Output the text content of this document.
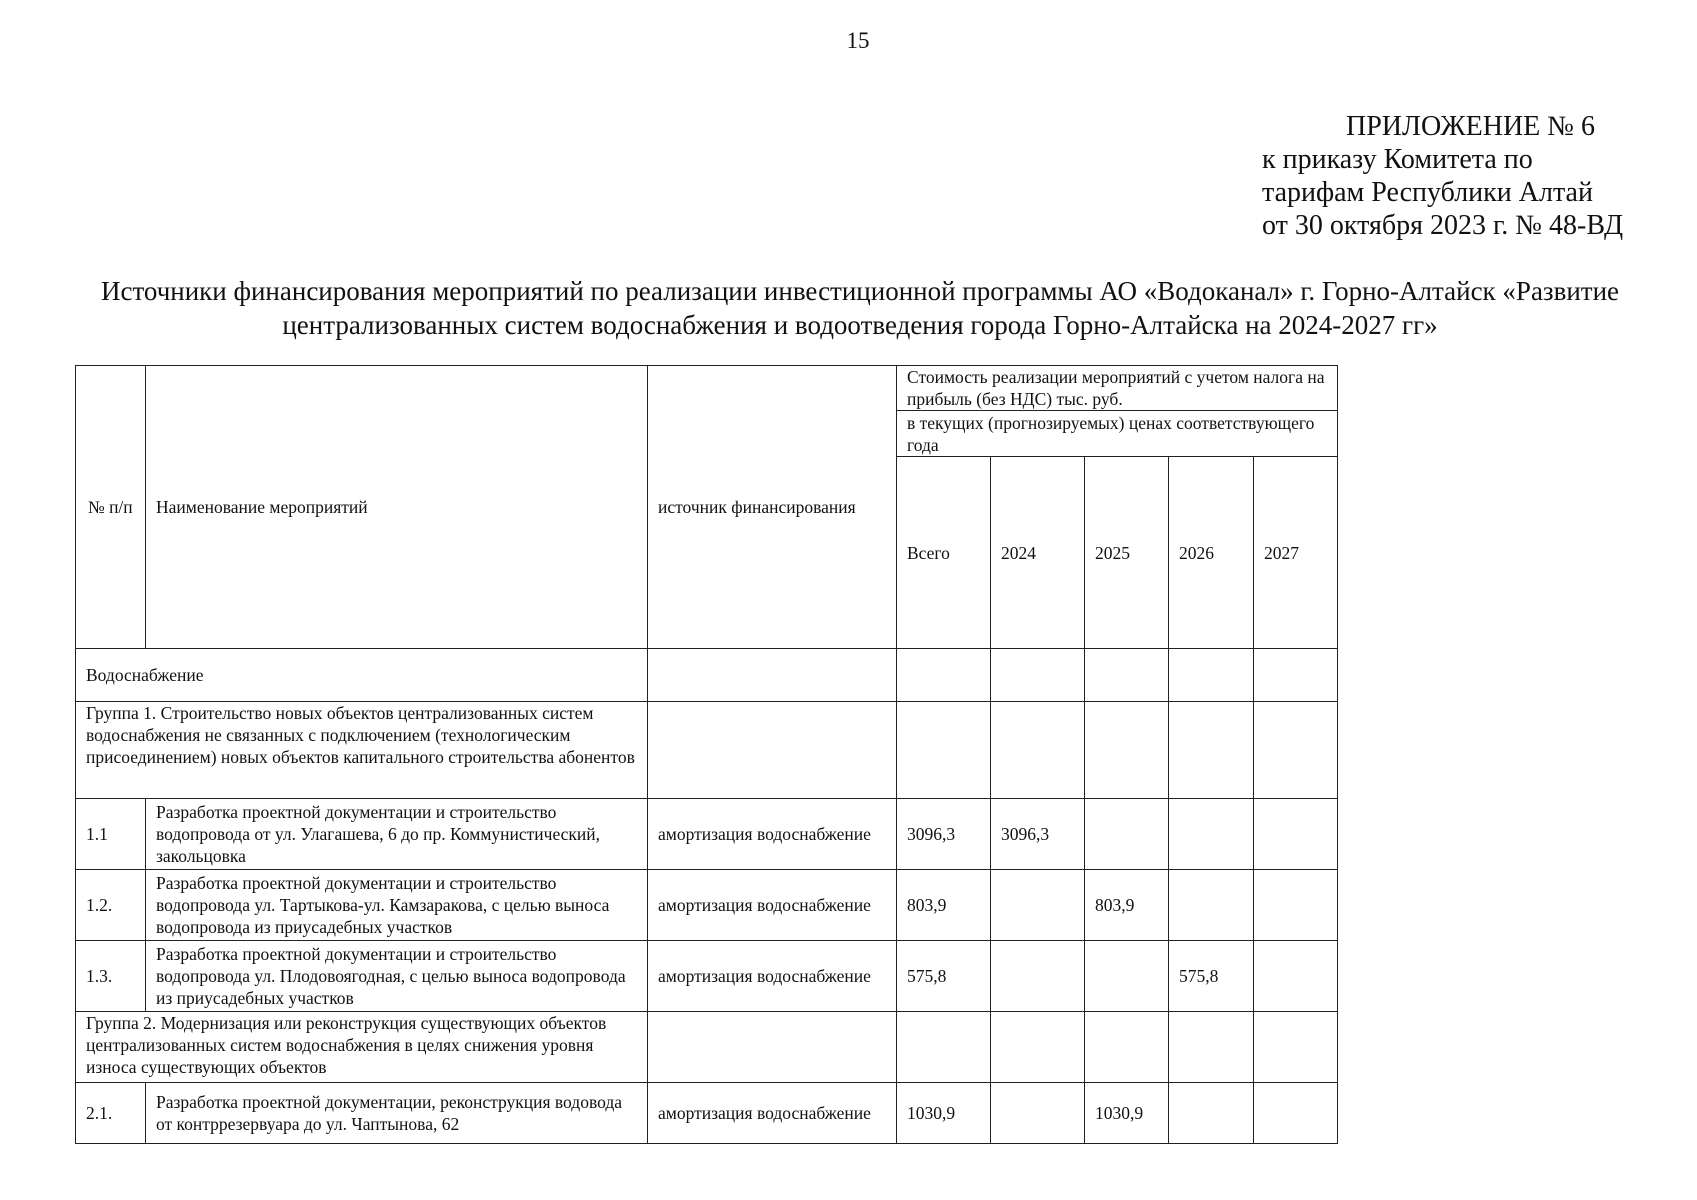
15
ПРИЛОЖЕНИЕ № 6
к приказу Комитета по
тарифам Республики Алтай
от 30 октября 2023 г. № 48-ВД
Источники финансирования мероприятий по реализации инвестиционной программы АО «Водоканал» г. Горно-Алтайск «Развитие
централизованных систем водоснабжения и водоотведения города Горно-Алтайска на 2024-2027 гг»
№ п/п	Наименование мероприятий	источник финансирования	Стоимость реализации мероприятий с учетом налога на прибыль (без НДС) тыс. руб.				
			в текущих (прогнозируемых) ценах соответствующего года				
			Всего	2024	2025	2026	2027
Водоснабжение							
Группа 1. Строительство новых объектов централизованных систем водоснабжения не связанных с подключением (технологическим присоединением) новых объектов капитального строительства абонентов							
1.1	Разработка проектной документации и строительство водопровода от ул. Улагашева, 6 до пр. Коммунистический, закольцовка	амортизация водоснабжение	3096,3	3096,3			
1.2.	Разработка проектной документации и строительство водопровода ул. Тартыкова-ул. Камзаракова, с целью выноса водопровода из приусадебных участков	амортизация водоснабжение	803,9		803,9		
1.3.	Разработка проектной документации и строительство водопровода ул. Плодовоягодная, с целью выноса водопровода из приусадебных участков	амортизация водоснабжение	575,8			575,8	
Группа 2. Модернизация или реконструкция существующих объектов централизованных систем водоснабжения в целях снижения уровня износа существующих объектов							
2.1.	Разработка проектной документации, реконструкция водовода от контррезервуара до ул. Чаптынова, 62	амортизация водоснабжение	1030,9		1030,9		
